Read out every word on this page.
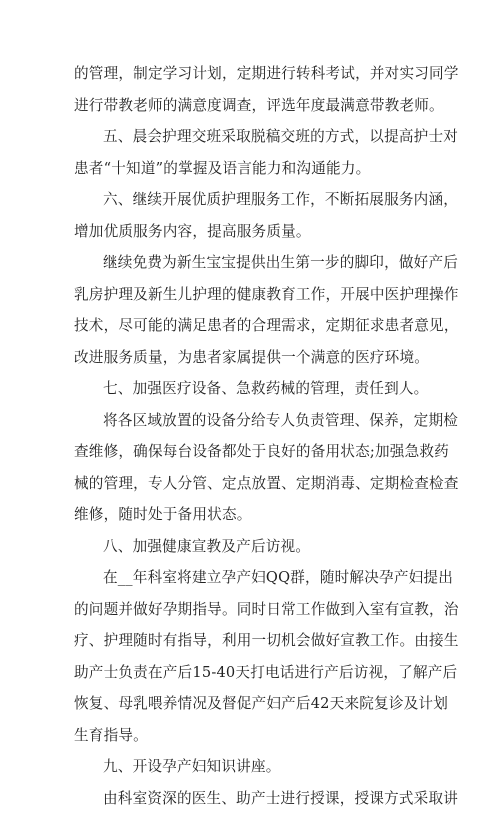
的管理，制定学习计划，定期进行转科考试，并对实习同学
进行带教老师的满意度调查，评选年度最满意带教老师。
五、晨会护理交班采取脱稿交班的方式，以提高护士对
患者“十知道”的掌握及语言能力和沟通能力。
六、继续开展优质护理服务工作，不断拓展服务内涵，
增加优质服务内容，提高服务质量。
继续免费为新生宝宝提供出生第一步的脚印，做好产后
乳房护理及新生儿护理的健康教育工作，开展中医护理操作
技术，尽可能的满足患者的合理需求，定期征求患者意见，
改进服务质量，为患者家属提供一个满意的医疗环境。
七、加强医疗设备、急救药械的管理，责任到人。
将各区域放置的设备分给专人负责管理、保养，定期检
查维修，确保每台设备都处于良好的备用状态;加强急救药
械的管理，专人分管、定点放置、定期消毒、定期检查检查
维修，随时处于备用状态。
八、加强健康宣教及产后访视。
在__年科室将建立孕产妇QQ群，随时解决孕产妇提出
的问题并做好孕期指导。同时日常工作做到入室有宣教，治
疗、护理随时有指导，利用一切机会做好宣教工作。由接生
助产士负责在产后15-40天打电话进行产后访视，了解产后
恢复、母乳喂养情况及督促产妇产后42天来院复诊及计划
生育指导。
九、开设孕产妇知识讲座。
由科室资深的医生、助产士进行授课，授课方式采取讲
